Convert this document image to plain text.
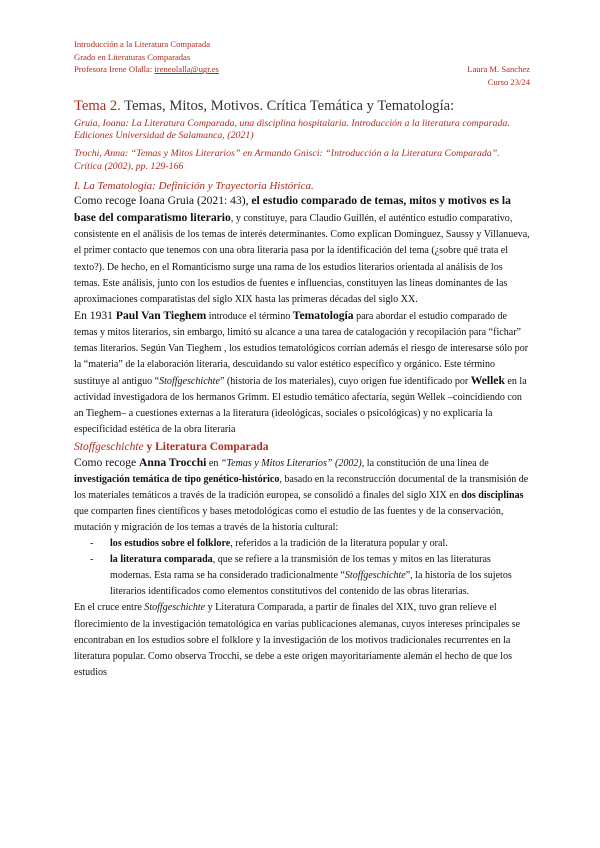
Introducción a la Literatura Comparada
Grado en Literaturas Comparadas
Profesora Irene Olalla: ireneolalla@ugr.es	Laura M. Sanchez
Curso 23/24
Tema 2. Temas, Mitos, Motivos. Crítica Temática y Tematología:
Gruia, Ioana: La Literatura Comparada, una disciplina hospitalaria. Introducción a la literatura comparada. Ediciones Universidad de Salamanca, (2021)
Trochi, Anna: “Temas y Mitos Literarios” en Armando Gnisci: “Introducción a la Literatura Comparada”. Crítica (2002), pp. 129-166
I. La Tematología: Definición y Trayectoria Histórica.
Como recoge Ioana Gruia (2021: 43), el estudio comparado de temas, mitos y motivos es la base del comparatismo literario, y constituye, para Claudio Guillén, el auténtico estudio comparativo, consistente en el análisis de los temas de interés determinantes. Como explican Domínguez, Saussy y Villanueva, el primer contacto que tenemos con una obra literaria pasa por la identificación del tema (¿sobre qué trata el texto?). De hecho, en el Romanticismo surge una rama de los estudios literarios orientada al análisis de los temas. Este análisis, junto con los estudios de fuentes e influencias, constituyen las líneas dominantes de las aproximaciones comparatistas del siglo XIX hasta las primeras décadas del siglo XX.
En 1931 Paul Van Tieghem introduce el término Tematología para abordar el estudio comparado de temas y mitos literarios, sin embargo, limitó su alcance a una tarea de catalogación y recopilación para “fichar” temas literarios. Según Van Tieghem , los estudios tematológicos corrían además el riesgo de interesarse sólo por la “materia” de la elaboración literaria, descuidando su valor estético específico y orgánico. Este término sustituye al antiguo “Stoffgeschichte” (historia de los materiales), cuyo origen fue identificado por Wellek en la actividad investigadora de los hermanos Grimm. El estudio temático afectaría, según Wellek –coincidiendo con an Tieghem– a cuestiones externas a la literatura (ideológicas, sociales o psicológicas) y no explicaría la especificidad estética de la obra literaria
Stoffgeschichte y Literatura Comparada
Como recoge Anna Trocchi en “Temas y Mitos Literarios” (2002), la constitución de una línea de investigación temática de tipo genético-histórico, basado en la reconstrucción documental de la transmisión de los materiales temáticos a través de la tradición europea, se consolidó a finales del siglo XIX en dos disciplinas que comparten fines científicos y bases metodológicas como el estudio de las fuentes y de la conservación, mutación y migración de los temas a través de la historia cultural:
- los estudios sobre el folklore, referidos a la tradición de la literatura popular y oral.
- la literatura comparada, que se refiere a la transmisión de los temas y mitos en las literaturas modernas. Esta rama se ha considerado tradicionalmente “Stoffgeschichte”, la historia de los sujetos literarios identificados como elementos constitutivos del contenido de las obras literarias.
En el cruce entre Stoffgeschichte y Literatura Comparada, a partir de finales del XIX, tuvo gran relieve el florecimiento de la investigación tematológica en varias publicaciones alemanas, cuyos intereses principales se encontraban en los estudios sobre el folklore y la investigación de los motivos tradicionales recurrentes en la literatura popular. Como observa Trocchi, se debe a este origen mayoritariamente alemán el hecho de que los estudios
